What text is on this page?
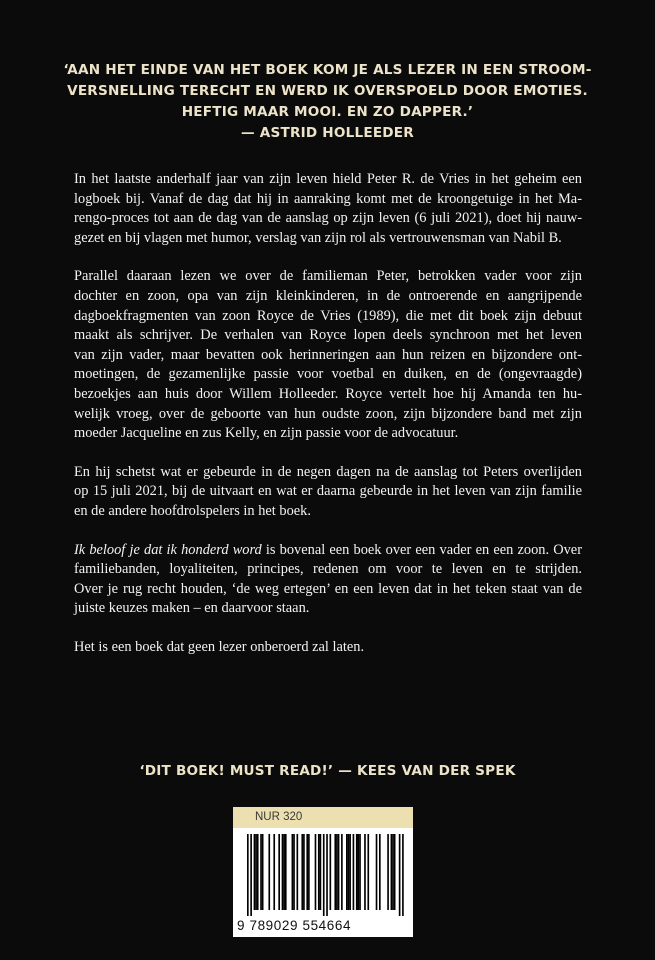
‘AAN HET EINDE VAN HET BOEK KOM JE ALS LEZER IN EEN STROOM-
VERSNELLING TERECHT EN WERD IK OVERSPOELD DOOR EMOTIES.
HEFTIG MAAR MOOI. EN ZO DAPPER.’
— ASTRID HOLLEEDER

In het laatste anderhalf jaar van zijn leven hield Peter R. de Vries in het geheim een
logboek bij. Vanaf de dag dat hij in aanraking komt met de kroongetuige in het Ma-
rengo-proces tot aan de dag van de aanslag op zijn leven (6 juli 2021), doet hij nauw-
gezet en bij vlagen met humor, verslag van zijn rol als vertrouwensman van Nabil B.

Parallel daaraan lezen we over de familieman Peter, betrokken vader voor zijn
dochter en zoon, opa van zijn kleinkinderen, in de ontroerende en aangrijpende
dagboekfragmenten van zoon Royce de Vries (1989), die met dit boek zijn debuut
maakt als schrijver. De verhalen van Royce lopen deels synchroon met het leven
van zijn vader, maar bevatten ook herinneringen aan hun reizen en bijzondere ont-
moetingen, de gezamenlijke passie voor voetbal en duiken, en de (ongevraagde)
bezoekjes aan huis door Willem Holleeder. Royce vertelt hoe hij Amanda ten hu-
welijk vroeg, over de geboorte van hun oudste zoon, zijn bijzondere band met zijn
moeder Jacqueline en zus Kelly, en zijn passie voor de advocatuur.

En hij schetst wat er gebeurde in de negen dagen na de aanslag tot Peters overlijden
op 15 juli 2021, bij de uitvaart en wat er daarna gebeurde in het leven van zijn familie
en de andere hoofdrolspelers in het boek.

Ik beloof je dat ik honderd word is bovenal een boek over een vader en een zoon. Over
familiebanden, loyaliteiten, principes, redenen om voor te leven en te strijden.
Over je rug recht houden, ‘de weg ertegen’ en een leven dat in het teken staat van de
juiste keuzes maken – en daarvoor staan.

Het is een boek dat geen lezer onberoerd zal laten.

‘DIT BOEK! MUST READ!’ — KEES VAN DER SPEK
NUR 320
9 789029 554664
